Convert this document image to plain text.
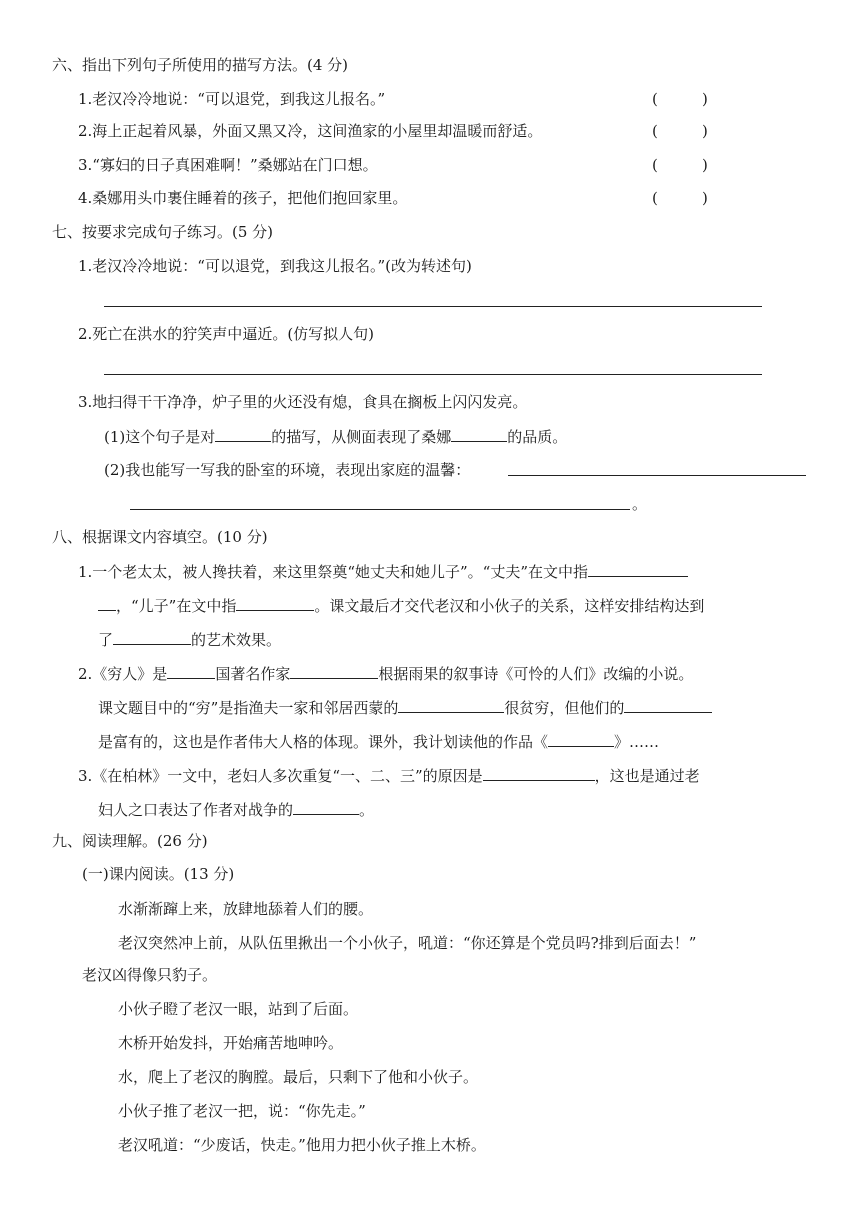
六、指出下列句子所使用的描写方法。(4 分)
1.老汉冷冷地说：“可以退党，到我这儿报名。”	(	)
2.海上正起着风暴，外面又黑又冷，这间渔家的小屋里却温暖而舒适。	(	)
3.“寡妇的日子真困难啊！”桑娜站在门口想。	(	)
4.桑娜用头巾裹住睡着的孩子，把他们抱回家里。	(	)
七、按要求完成句子练习。(5 分)
1.老汉冷冷地说：“可以退党，到我这儿报名。”(改为转述句)
2.死亡在洪水的狞笑声中逼近。(仿写拟人句)
3.地扫得干干净净，炉子里的火还没有熄，食具在搁板上闪闪发亮。
(1)这个句子是对	的描写，从侧面表现了桑娜	的品质。
(2)我也能写一写我的卧室的环境，表现出家庭的温馨：
。
八、根据课文内容填空。(10 分)
1.一个老太太，被人搀扶着，来这里祭奠“她丈夫和她儿子”。“丈夫”在文中指
，“儿子”在文中指	。课文最后才交代老汉和小伙子的关系，这样安排结构达到
了	的艺术效果。
2.《穷人》是	国著名作家	根据雨果的叙事诗《可怜的人们》改编的小说。
课文题目中的“穷”是指渔夫一家和邻居西蒙的	很贫穷，但他们的
是富有的，这也是作者伟大人格的体现。课外，我计划读他的作品《	》……
3.《在柏林》一文中，老妇人多次重复“一、二、三”的原因是	，这也是通过老
妇人之口表达了作者对战争的	。
九、阅读理解。(26 分)
(一)课内阅读。(13 分)
水渐渐蹿上来，放肆地舔着人们的腰。
老汉突然冲上前，从队伍里揪出一个小伙子，吼道：“你还算是个党员吗?排到后面去！”
老汉凶得像只豹子。
小伙子瞪了老汉一眼，站到了后面。
木桥开始发抖，开始痛苦地呻吟。
水，爬上了老汉的胸膛。最后，只剩下了他和小伙子。
小伙子推了老汉一把，说：“你先走。”
老汉吼道：“少废话，快走。”他用力把小伙子推上木桥。
